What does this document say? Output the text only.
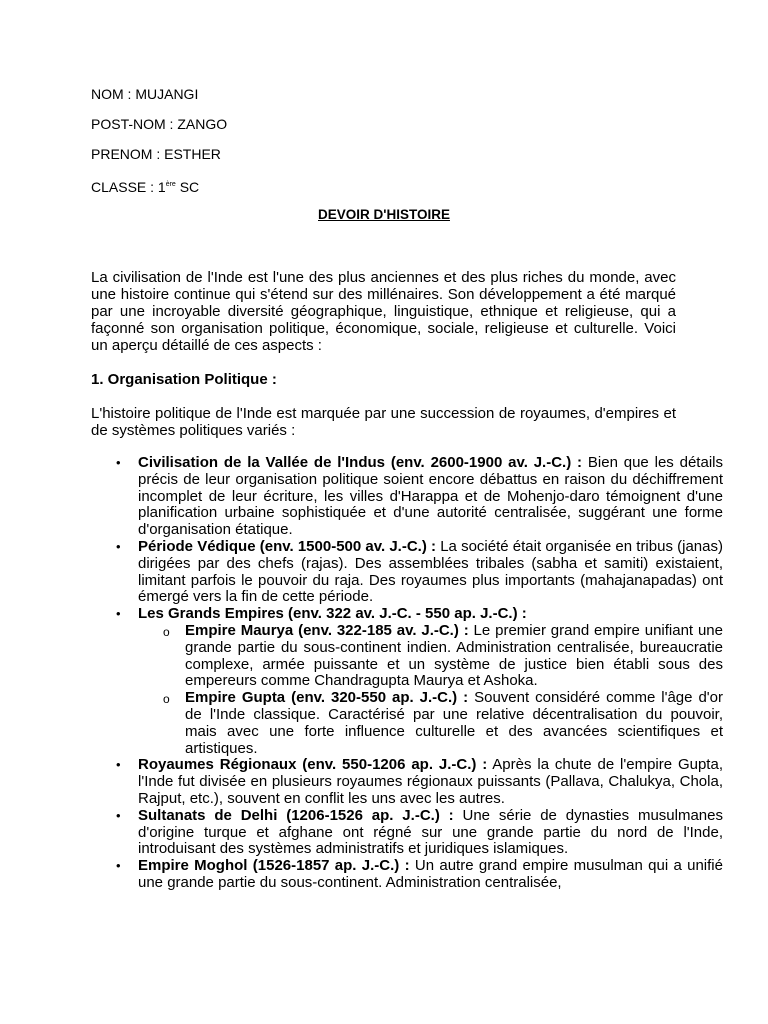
NOM : MUJANGI
POST-NOM : ZANGO
PRENOM : ESTHER
CLASSE : 1ère SC
DEVOIR D'HISTOIRE
La civilisation de l'Inde est l'une des plus anciennes et des plus riches du monde, avec une histoire continue qui s'étend sur des millénaires. Son développement a été marqué par une incroyable diversité géographique, linguistique, ethnique et religieuse, qui a façonné son organisation politique, économique, sociale, religieuse et culturelle. Voici un aperçu détaillé de ces aspects :
1. Organisation Politique :
L'histoire politique de l'Inde est marquée par une succession de royaumes, d'empires et de systèmes politiques variés :
• Civilisation de la Vallée de l'Indus (env. 2600-1900 av. J.-C.) : Bien que les détails précis de leur organisation politique soient encore débattus en raison du déchiffrement incomplet de leur écriture, les villes d'Harappa et de Mohenjo-daro témoignent d'une planification urbaine sophistiquée et d'une autorité centralisée, suggérant une forme d'organisation étatique.
• Période Védique (env. 1500-500 av. J.-C.) : La société était organisée en tribus (janas) dirigées par des chefs (rajas). Des assemblées tribales (sabha et samiti) existaient, limitant parfois le pouvoir du raja. Des royaumes plus importants (mahajanapadas) ont émergé vers la fin de cette période.
• Les Grands Empires (env. 322 av. J.-C. - 550 ap. J.-C.) :
o Empire Maurya (env. 322-185 av. J.-C.) : Le premier grand empire unifiant une grande partie du sous-continent indien. Administration centralisée, bureaucratie complexe, armée puissante et un système de justice bien établi sous des empereurs comme Chandragupta Maurya et Ashoka.
o Empire Gupta (env. 320-550 ap. J.-C.) : Souvent considéré comme l'âge d'or de l'Inde classique. Caractérisé par une relative décentralisation du pouvoir, mais avec une forte influence culturelle et des avancées scientifiques et artistiques.
• Royaumes Régionaux (env. 550-1206 ap. J.-C.) : Après la chute de l'empire Gupta, l'Inde fut divisée en plusieurs royaumes régionaux puissants (Pallava, Chalukya, Chola, Rajput, etc.), souvent en conflit les uns avec les autres.
• Sultanats de Delhi (1206-1526 ap. J.-C.) : Une série de dynasties musulmanes d'origine turque et afghane ont régné sur une grande partie du nord de l'Inde, introduisant des systèmes administratifs et juridiques islamiques.
• Empire Moghol (1526-1857 ap. J.-C.) : Un autre grand empire musulman qui a unifié une grande partie du sous-continent. Administration centralisée,
